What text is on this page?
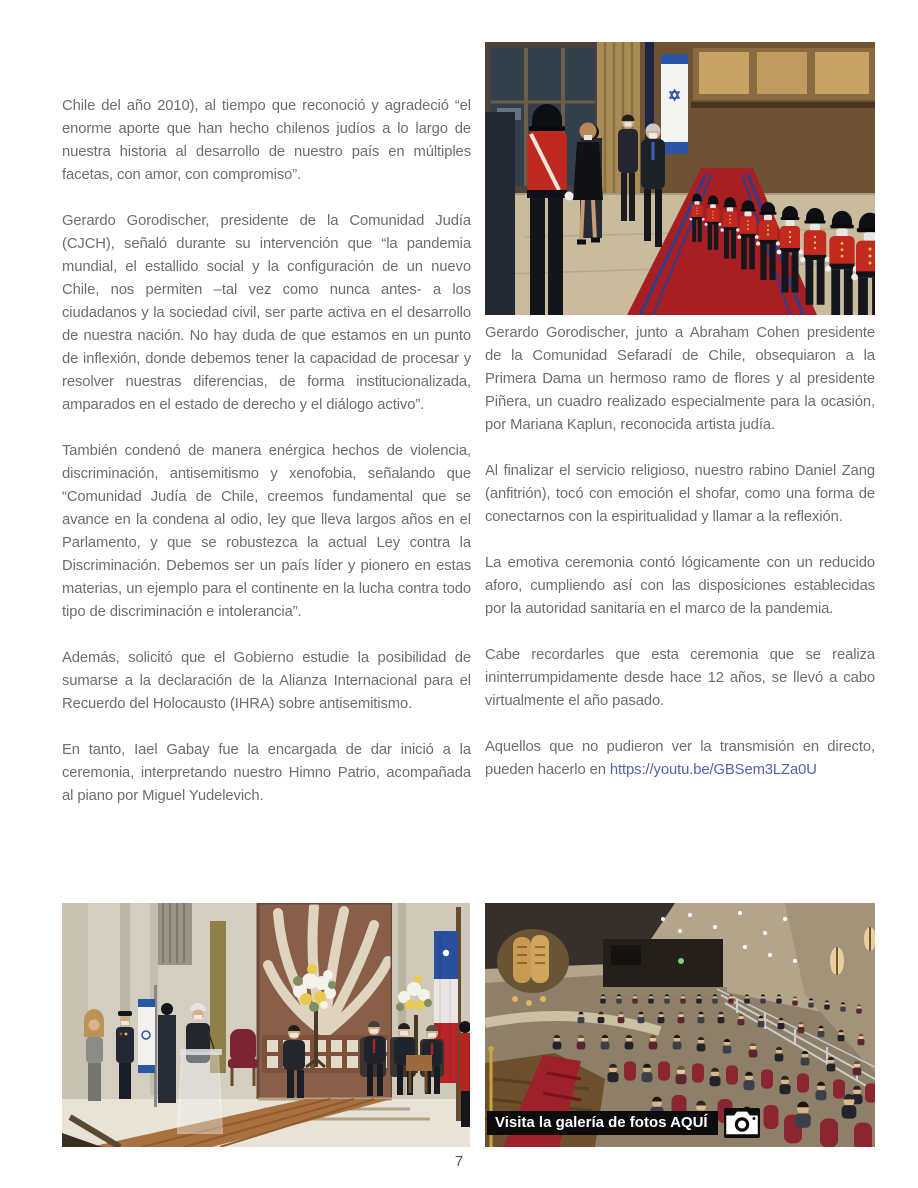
Chile del año 2010), al tiempo que reconoció y agradeció “el enorme aporte que han hecho chilenos judíos a lo largo de nuestra historia al desarrollo de nuestro país en múltiples facetas, con amor, con compromiso”.

Gerardo Gorodischer, presidente de la Comunidad Judía (CJCH), señaló durante su intervención que “la pandemia mundial, el estallido social y la configuración de un nuevo Chile, nos permiten –tal vez como nunca antes- a los ciudadanos y la sociedad civil, ser parte activa en el desarrollo de nuestra nación. No hay duda de que estamos en un punto de inflexión, donde debemos tener la capacidad de procesar y resolver nuestras diferencias, de forma institucionalizada, amparados en el estado de derecho y el diálogo activo”.

También condenó de manera enérgica hechos de violencia, discriminación, antisemitismo y xenofobia, señalando que “Comunidad Judía de Chile, creemos fundamental que se avance en la condena al odio, ley que lleva largos años en el Parlamento, y que se robustezca la actual Ley contra la Discriminación. Debemos ser un país líder y pionero en estas materias, un ejemplo para el continente en la lucha contra todo tipo de discriminación e intolerancia”.

Además, solicitó que el Gobierno estudie la posibilidad de sumarse a la declaración de la Alianza Internacional para el Recuerdo del Holocausto (IHRA) sobre antisemitismo.

En tanto, Iael Gabay fue la encargada de dar inició a la ceremonia, interpretando nuestro Himno Patrio, acompañada al piano por Miguel Yudelevich.

Gerardo Gorodischer, junto a Abraham Cohen presidente de la Comunidad Sefaradí de Chile, obsequiaron a la Primera Dama un hermoso ramo de flores y al presidente Piñera, un cuadro realizado especialmente para la ocasión, por Mariana Kaplun, reconocida artista judía.

Al finalizar el servicio religioso, nuestro rabino Daniel Zang (anfitrión), tocó con emoción el shofar, como una forma de conectarnos con la espiritualidad y llamar a la reflexión.

La emotiva ceremonia contó lógicamente con un reducido aforo, cumpliendo así con las disposiciones establecidas por la autoridad sanitaria en el marco de la pandemia.

Cabe recordarles que esta ceremonia que se realiza ininterrumpidamente desde hace 12 años, se llevó a cabo virtualmente el año pasado.

Aquellos que no pudieron ver la transmisión en directo, pueden hacerlo en https://youtu.be/GBSem3LZa0U

Visita la galería de fotos AQUÍ
7
